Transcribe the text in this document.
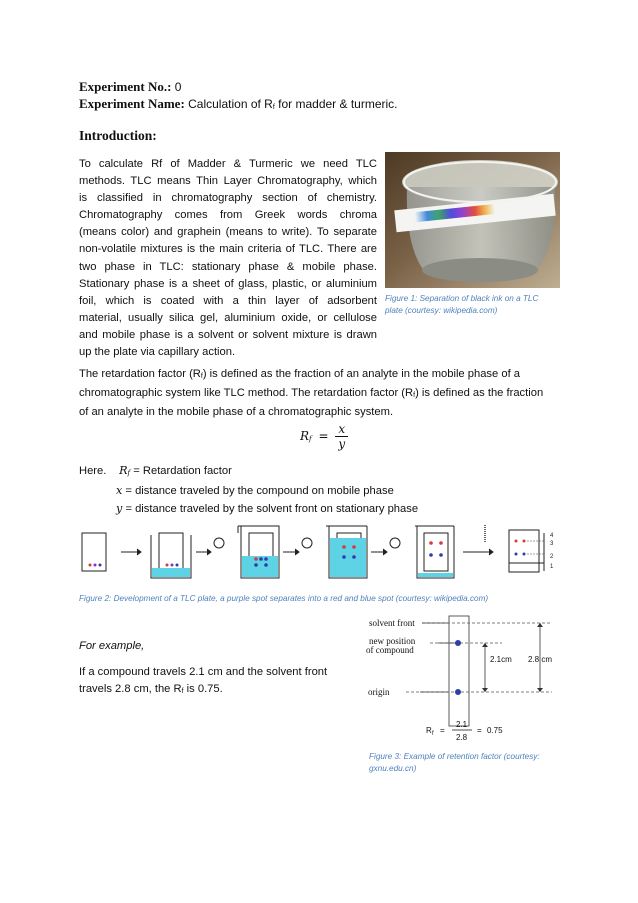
Experiment No.: 0
Experiment Name: Calculation of $R_f$ for madder & turmeric.
Introduction:
To calculate Rf of Madder & Turmeric we need TLC
methods. TLC means Thin Layer Chromatography, which
is classified in chromatography section of chemistry.
Chromatography comes from Greek words chroma
(means color) and graphein (means to write). To separate
non-volatile mixtures is the main criteria of TLC. There are
two phase in TLC: stationary phase & mobile phase.
Stationary phase is a sheet of glass, plastic, or aluminium
foil, which is coated with a thin layer of adsorbent
material, usually silica gel, aluminium oxide, or cellulose
and mobile phase is a solvent or solvent mixture is drawn
up the plate via capillary action.
Figure 1: Separation of black ink on a TLC
plate (courtesy: wikipedia.com)
The retardation factor $(R_f)$ is defined as the fraction of an analyte in the mobile phase of a
chromatographic system like TLC method. The retardation factor $(R_f)$ is defined as the fraction
of an analyte in the mobile phase of a chromatographic system.
$R_f = \frac{x}{y}$
Here. $R_f$ = Retardation factor
x = distance traveled by the compound on mobile phase
y = distance traveled by the solvent front on stationary phase
4
3
2
1
Figure 2: Development of a TLC plate, a purple spot separates into a red and blue spot (courtesy: wikipedia.com)
For example,
If a compound travels 2.1 cm and the solvent front
travels 2.8 cm, the $R_f$ is 0.75.
solvent front
new position
of compound
origin
2.1cm 2.8 cm
R f =
2.1
2.8
= 0.75
Figure 3: Example of retention factor (courtesy:
gxnu.edu.cn)
